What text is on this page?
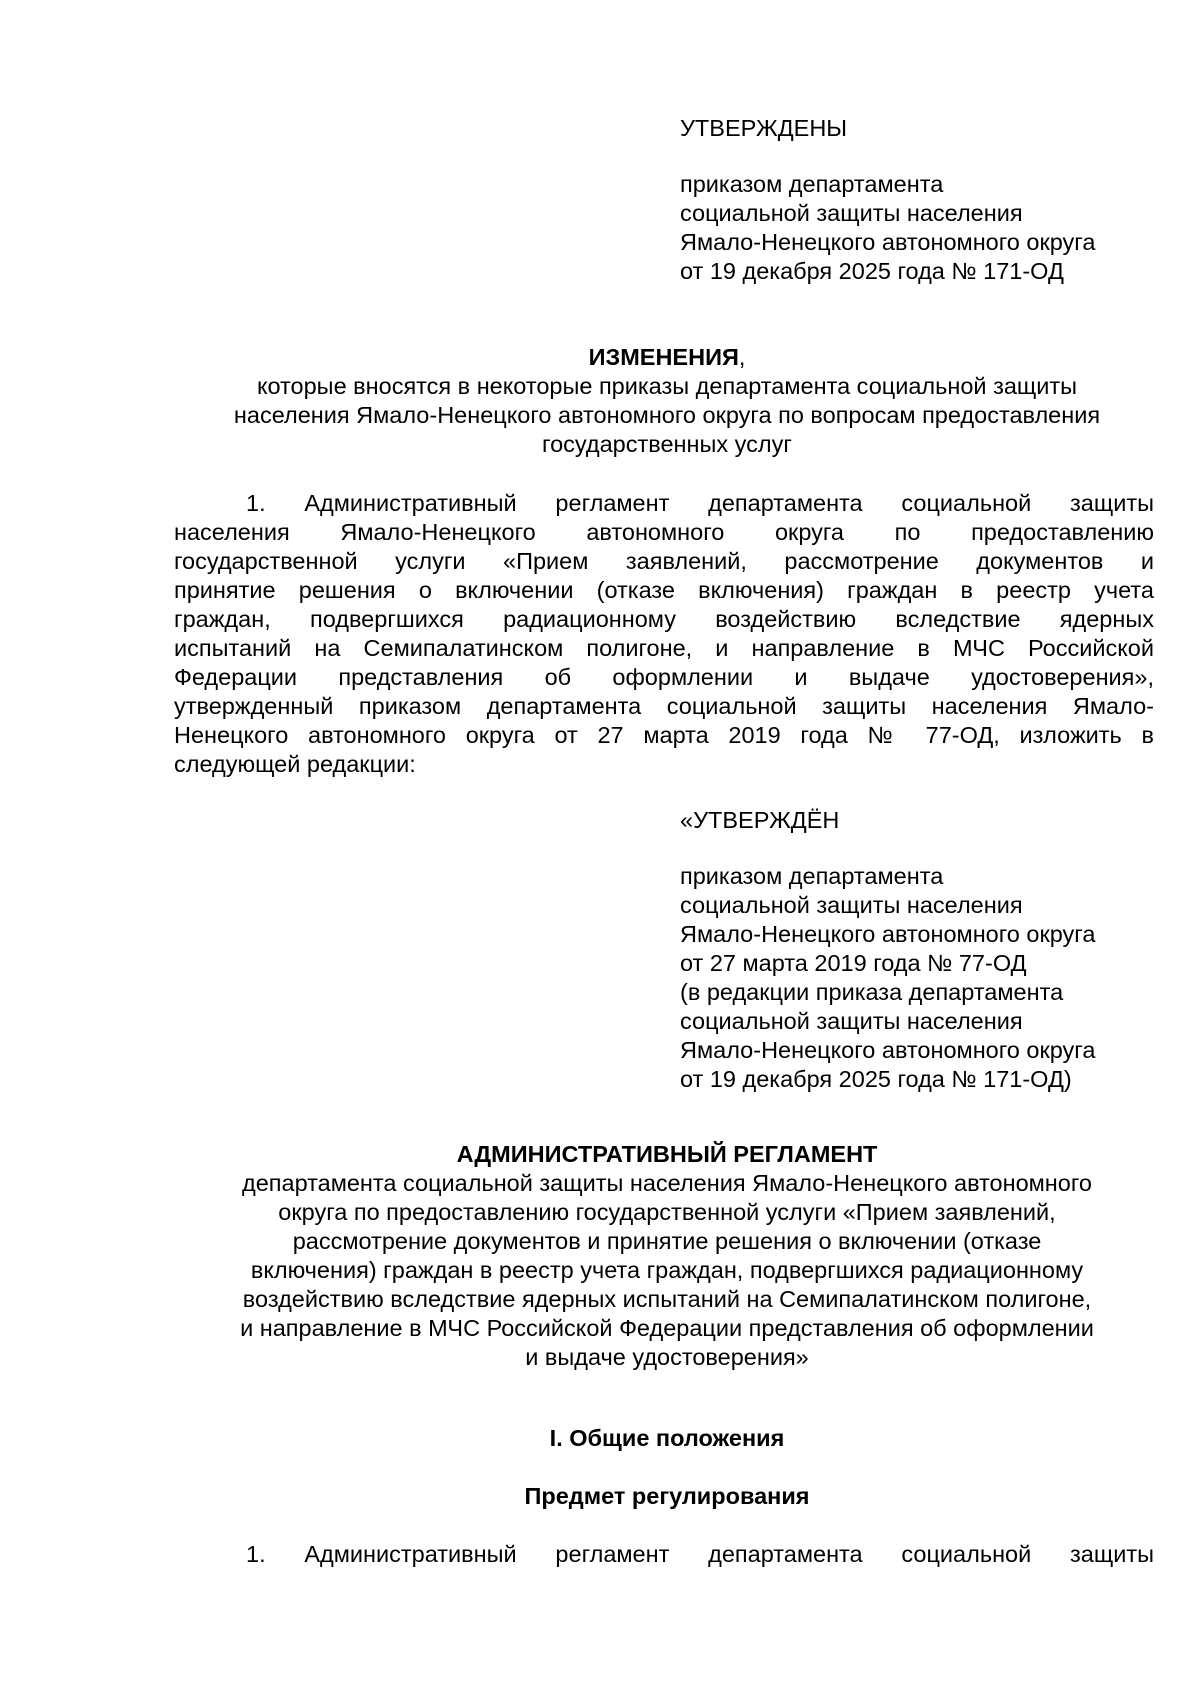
УТВЕРЖДЕНЫ
приказом департамента
социальной защиты населения
Ямало-Ненецкого автономного округа
от 19 декабря 2025 года № 171-ОД
ИЗМЕНЕНИЯ,
которые вносятся в некоторые приказы департамента социальной защиты
населения Ямало-Ненецкого автономного округа по вопросам предоставления
государственных услуг
1. Административный регламент департамента социальной защиты
населения Ямало-Ненецкого автономного округа по предоставлению
государственной услуги «Прием заявлений, рассмотрение документов и
принятие решения о включении (отказе включения) граждан в реестр учета
граждан, подвергшихся радиационному воздействию вследствие ядерных
испытаний на Семипалатинском полигоне, и направление в МЧС Российской
Федерации представления об оформлении и выдаче удостоверения»,
утвержденный приказом департамента социальной защиты населения Ямало-
Ненецкого автономного округа от 27 марта 2019 года № 77-ОД, изложить в
следующей редакции:
«УТВЕРЖДЁН
приказом департамента
социальной защиты населения
Ямало-Ненецкого автономного округа
от 27 марта 2019 года № 77-ОД
(в редакции приказа департамента
социальной защиты населения
Ямало-Ненецкого автономного округа
от 19 декабря 2025 года № 171-ОД)
АДМИНИСТРАТИВНЫЙ РЕГЛАМЕНТ
департамента социальной защиты населения Ямало-Ненецкого автономного
округа по предоставлению государственной услуги «Прием заявлений,
рассмотрение документов и принятие решения о включении (отказе
включения) граждан в реестр учета граждан, подвергшихся радиационному
воздействию вследствие ядерных испытаний на Семипалатинском полигоне,
и направление в МЧС Российской Федерации представления об оформлении
и выдаче удостоверения»
I. Общие положения
Предмет регулирования
1. Административный регламент департамента социальной защиты
